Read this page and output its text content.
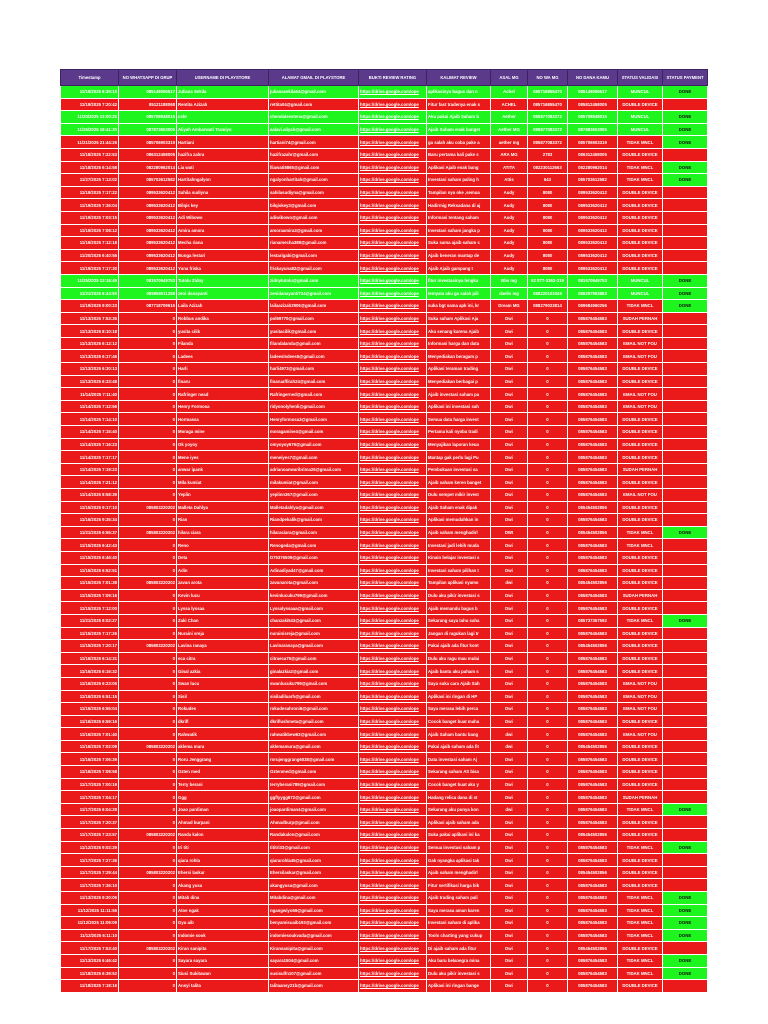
Timestamp	NO WHATSAPP DI GRUP	USERNAME DI PLAYSTORE	ALAMAT GMAIL DI PLAYSTORE	BUKTI REVIEW RATING	KALIMAT REVIEW	ASAL MG	NO WA MG	NO DANA KAMU	STATUS VALIDASI	STATUS PAYMENT
11/19/2025 6:39:15	085149006517	Juliana Sekila	julianasekila64@gmail.com	https://drive.google.com/ope	aplikasinya bagus dan n	Achel	085716855470	085149006517	MUNCUL	DONE
11/19/2025 7:20:42	85121188068	Rentita Azizah	rettita04@gmail.com	https://drive.google.com/ope	Fitur fast tradenya enak s	ACHEL	085716855470	085812458005	DOUBLE DEVICE	
11/20/2025 13:00:25	085708948015	cshr	chendaleextena@gmail.com	https://drive.google.com/ope	Aku pakai Ajaib Saham b	Aether	085877083372	085708948015	MUNCUL	DONE
11/26/2025 19:41:30	087873603005	Aliyah Ambarwati Tramiyo	aalavi.aliyah@gmail.com	https://drive.google.com/ope	Ajaib Saham enak banget	Aether MG	085877083372	087883603005	MUNCUL	DONE
11/21/2025 21:44:26	085706903319	Hartiani	hartiani74@gmail.com	https://drive.google.com/ope	ga salah aku coba pake a	aether mg	085877083372	085706903319	TIDAK MNCL	DONE
11/18/2025 7:22:53	086312458005	hazifra zahra	hazifrazahr@gmail.com	https://drive.google.com/ope	Baru pertama kali pake s	ARA MG	2783	086312458005	DOUBLE DEVICE	
11/18/2025 6:14:58	082280962014	Lia wati	lliawati8865@gmail.com	https://drive.google.com/ope	Aplikasi Ajaib enak bang	ATITA	082230112663	082280962014	TIDAK MNCL	DONE
11/27/2025 7:13:02	085703612582	Hartitahngalyon	ngalyonhartitah@gmail.com	https://drive.google.com/ope	Investasi saham paling h	Attis	643	085703612582	TIDAK MNCL	DONE
11/19/2025 7:17:22	089533620412	Sahila sudiyna	sahilasudiyna@gmail.com	https://drive.google.com/ope	Tampilan nya oke ,semua	Audy	8080	089533620412	DOUBLE DEVICE	
11/19/2025 7:36:04	089533620412	Bilqis key	bilqiskey3@gmail.com	https://drive.google.com/ope	Hadirmig Reksadana di aj	Audy	8080	089533620412	DOUBLE DEVICE	
11/19/2025 7:03:15	089533620412	Adi Wibowo	adiwibowo@gmail.com	https://drive.google.com/ope	Informasi tentang saham	Audy	8080	089533620412	DOUBLE DEVICE	
11/19/2025 7:08:12	089533620412	Amira amora	amoraamira3@gmail.com	https://drive.google.com/ope	Investasi saham jangka p	Audy	8080	089533620412	DOUBLE DEVICE	
11/19/2025 7:12:18	089533620412	Mecha riana	rianamecha388@gmail.com	https://drive.google.com/ope	Suka sama ajaib saham c	Audy	8080	089533620412	DOUBLE DEVICE	
11/20/2025 6:40:55	089533620412	Bunga lestari	lestarigabi@gmail.com	https://drive.google.com/ope	Ajaib beneran mantap de	Audy	8080	089533620412	DOUBLE DEVICE	
11/19/2025 7:17:30	089533620412	Yuna friska	friskayuna82@gmail.com	https://drive.google.com/ope	Ajaib Ajaib gampang t	Audy	8080	089533620412	DOUBLE DEVICE	
11/25/2025 13:16:49	081570949753	Tutolu Zidny	zidnytutolu@gmail.com	https://drive.google.com/ope	fitur investasinya lengka	Bbs mg	62 877-3363-319	081570949753	MUNCUL	DONE
11/21/2025 6:43:50	085959011258	zeni danayanti	zenidanayanti734@gmail.com	https://drive.google.com/ope	temyata aku ga salah pili	daelis mg	088220103345	088297993883	MUNCUL	DONE
11/19/2025 9:00:23	087718709616	Laila Azizah	lailaazizah2906@gmail.com	https://drive.google.com/ope	suka bgt sama apk ini, kr	Dream MG	088279023814	089684960256	TIDAK MNCL	DONE
11/13/2025 7:53:35	0	Robbus andika	pol69770@gmail.com	https://drive.google.com/ope	Suka saham Aplikasi Aja	Dwi	0	085876454583	SUDAH PERNAH	
11/13/2025 8:10:18	0	yusita cilik	yusitacilik@gmail.com	https://drive.google.com/ope	Aku senang karena Ajaib	Dwi	0	085876454583	DOUBLE DEVICE	
11/13/2025 6:12:12	0	Filanda	filandalanda@gmail.com	https://drive.google.com/ope	Informasi harga dan data	Dwi	0	085876454583	EMAIL NOT FOU	
11/13/2025 6:17:46	0	Ladees	ladeeslsdees5@gmail.com	https://drive.google.com/ope	Menyediakan beragam p	Dwi	0	085876454583	EMAIL NOT FOU	
11/13/2025 6:30:13	0	Harli	harli4973@gmail.com	https://drive.google.com/ope	Aplikasi teraman trading	Dwi	0	085876454583	DOUBLE DEVICE	
11/13/2025 6:33:48	0	finaru	finaruaffirah24@gmail.com	https://drive.google.com/ope	Menyediakan berbagai p	Dwi	0	085876454583	DOUBLE DEVICE	
11/14/2025 7:11:40	0	Rafringer nead	Rafringerned@gmail.com	https://drive.google.com/ope	Ajaib investasi saham pa	Dwi	0	085876454583	EMAIL NOT FOU	
11/14/2025 7:12:56	0	Henry Formosa	ridyonolyhenli@gmail.com	https://drive.google.com/ope	Aplikasi ini investasi sah	Dwi	0	085876454583	EMAIL NOT FOU	
11/14/2025 7:14:10	0	Hormassa	Henryformosa3@gmail.com	https://drive.google.com/ope	Semua data harga invest	Dwi	0	085876454583	DOUBLE DEVICE	
11/14/2025 7:15:40	0	Moraga mine	moragamine4@gmail.com	https://drive.google.com/ope	Pertama kali nyoba tradi	Dwi	0	085876454583	DOUBLE DEVICE	
11/14/2025 7:16:23	0	Ok yoyoy	omyoyoy676@gmail.com	https://drive.google.com/ope	Menyajikan laporan keua	Dwi	0	085876454583	DOUBLE DEVICE	
11/14/2025 7:17:17	0	Mene iyes	meneiyes7@gmail.com	https://drive.google.com/ope	Mantap gak perlu lagi Pu	Dwi	0	085876454583	DOUBLE DEVICE	
11/14/2025 7:19:23	0	anwar ipank	adrianoanwaribrima26@gmail.com	https://drive.google.com/ope	Pembukaan investasi sa	Dwi	0	085876454583	SUDAH PERNAH	
11/14/2025 7:21:12	0	Mila kumiat	milakumiat@gmail.com	https://drive.google.com/ope	Ajaib saham keren banget	Dwi	0	085876454583	DOUBLE DEVICE	
11/14/2025 8:58:39	0	Yeplin	yeplinn367@gmail.com	https://drive.google.com/ope	Dulu sempet mikir invest	Dwi	0	085876454583	EMAIL NOT FOU	
11/15/2025 9:17:10	085803220202	Malleta Dahlya	Malletadahlya@gmail.com	https://drive.google.com/ope	Ajaib Saham enak dipak	Dwi	0	085454502856	DOUBLE DEVICE	
11/16/2025 9:35:34	0	Rian	Riandpekalik@gmail.com	https://drive.google.com/ope	Aplikasi memudahkan in	Dwi	0	085876454583	DOUBLE DEVICE	
11/21/2025 6:55:37	085803220202	hilara ciara	hilaraciara@gmail.com	https://drive.google.com/ope	Ajaib saham menghadirl	DWI	0	085454502856	TIDAK MNCL	DONE
11/15/2025 6:42:43	0	Reno	Renogeda@gmail.com	https://drive.google.com/ope	Investasi jadi lebih muda	Dwi	0	085876454583	TIDAK MNCL	
11/15/2025 6:46:40	0	Deta	D75376509@gmail.com	https://drive.google.com/ope	Kinain belajar investasi s	Dwi	0	085876454583	DOUBLE DEVICE	
11/15/2025 6:52:51	0	Adin	Adinadiyad47@gmail.com	https://drive.google.com/ope	Investasi saham pilihan t	Dwi	0	085876454583	DOUBLE DEVICE	
11/15/2025 7:01:38	085803220202	zavan arota	zavanarota@gmail.com	https://drive.google.com/ope	Tampilan aplikasi nyamo	dwi	0	085454502856	DOUBLE DEVICE	
11/15/2025 7:09:16	0	Kevin lucu	kevinlucuku799@gmail.com	https://drive.google.com/ope	Dulu aku pikir investasi s	Dwi	0	085876454583	SUDAH PERNAH	
11/15/2025 7:12:00	0	Lyssa lyssaa	Lyssalyssaaa@gmail.com	https://drive.google.com/ope	Ajaib memandu bagus b	Dwi	0	085876454583	DOUBLE DEVICE	
11/21/2025 8:02:27	0	Zaki Chan	chanzaki543@gmail.com	https://drive.google.com/ope	Sekarang saya tahu saha	Dwi	0	085737367592	TIDAK MNCL	DONE
11/15/2025 7:17:26	0	Nuraini sreja	nurainisreja@gmail.com	https://drive.google.com/ope	Jangan di ragukan lagi tr	Dwi	0	085876454583	DOUBLE DEVICE	
11/15/2025 7:20:17	085803220202	Lavina ranaya	Lavinaranaya@gmail.com	https://drive.google.com/ope	Pakai ajaib ada fitur kont	Dwi	0	085454502856	DOUBLE DEVICE	
11/16/2025 6:14:31	0	eca citra	citraeca75@gmail.com	https://drive.google.com/ope	Dulu aku ragu mau mulai	Dwi	0	085876454583	DOUBLE DEVICE	
11/16/2025 6:16:32	0	Ginal azkia	ginalazkia2@gmail.com	https://drive.google.com/ope	Ajaib bantu aku paham s	Dwi	0	085876454583	DOUBLE DEVICE	
11/16/2025 6:23:05	0	Swan lucu	swanlucuku799@gmail.com	https://drive.google.com/ope	Saya suka cara Ajaib Sah	Dwi	0	085876454583	EMAIL NOT FOU	
11/16/2025 6:51:15	0	Sisil	sisiladiluarh@gmail.com	https://drive.google.com/ope	Aplikasi ini ringan di HP	Dwi	0	085876454583	EMAIL NOT FOU	
11/16/2025 6:55:04	0	Rokudes	rokudesahroni6@gmail.com	https://drive.google.com/ope	Saya merasa lebih perca	Dwi	0	085876454583	EMAIL NOT FOU	
11/16/2025 6:59:16	0	dkrifl	dkriflushmeta@gmail.com	https://drive.google.com/ope	Cocok banget buat maha	Dwi	0	085876454583	DOUBLE DEVICE	
11/16/2025 7:01:40	0	Rahwatik	rahwatikbew63@gmail.com	https://drive.google.com/ope	Ajaib Saham bantu bang	dwi	0	085876454583	EMAIL NOT FOU	
11/16/2025 7:02:09	085803220202	aklema mura	aklemamura@gmail.com	https://drive.google.com/ope	Pakai ajaib saham ada fit	dwi	0	085454502856	DOUBLE DEVICE	
11/16/2025 7:06:39	0	Roru Jenggrang	rorujenggrang6038@gmail.com	https://drive.google.com/ope	Data investasi saham Aj	Dwi	0	085876454583	DOUBLE DEVICE	
11/16/2025 7:08:58	0	Ozten med	Oztenmed@gmail.com	https://drive.google.com/ope	Sekarang saham AS bisa	Dwi	0	085876454583	DOUBLE DEVICE	
11/17/2025 7:00:19	0	Terry berani	terryberani789@gmail.com	https://drive.google.com/ope	Cocok banget buat aku y	Dwi	0	085876454583	DOUBLE DEVICE	
11/17/2025 7:04:17	0	Ggg	ggflyygg672@gmail.com	https://drive.google.com/ope	Hadang relica dana di st	Dwi	0	085876454583	SUDAH PERNAH	
11/17/2025 6:04:28	0	Joao pardiman	joaopardiman4@gmail.com	https://drive.google.com/ope	Sekarang aku punya kon	dwi	0	085876454583	TIDAK MNCL	DONE
11/17/2025 7:20:37	0	Ahmad burpani	Ahmadburp@gmail.com	https://drive.google.com/ope	Aplikasi ajaib saham ada	Dwi	0	085876454583	DOUBLE DEVICE	
11/17/2025 7:23:57	085803220202	Randa kalon	Randakalon@gmail.com	https://drive.google.com/ope	Suka pakai aplikasi ini ka	Dwi	0	085454502856	DOUBLE DEVICE	
11/12/2025 9:02:29	0	tri titi	tititri33@gmail.com	https://drive.google.com/ope	Semua investasi saham p	Dwi	0	085876454583	TIDAK MNCL	DONE
11/17/2025 7:27:36	0	qiara rohla	qiararohla45@gmail.com	https://drive.google.com/ope	Gak nyangka aplikasi tak	Dwi	0	085876454583	DOUBLE DEVICE	
11/17/2025 7:29:44	085803220202	Ehersi laskar	Ehersilaskar@gmail.com	https://drive.google.com/ope	Ajaib saham menghadirl	Dwi	0	085454502856	DOUBLE DEVICE	
11/17/2025 7:36:10	0	Akang yusa	akangyusa@gmail.com	https://drive.google.com/ope	Fitur sertifikasi harga bik	Dwi	0	085876454583	DOUBLE DEVICE	
11/13/2025 9:30:06	0	Mitab dina	Mitabdina@gmail.com	https://drive.google.com/ope	Ajaib trading saham pali	Dwi	0	085876454583	TIDAK MNCL	DONE
11/12/2025 11:11:55	0	Atoe ngak	ngangwiyo59@gmail.com	https://drive.google.com/ope	Saya merasa aman karen	Dwi	0	085876454583	TIDAK MNCL	DONE
11/12/2025 11:09:09	0	Gyu aib	benyamisuaib193@gmail.com	https://drive.google.com/ope	Investasi saham di aplika	Dwi	0	085876454583	TIDAK MNCL	DONE
11/12/2025 6:11:10	0	Indomie sook	indomiesoukvada@gmail.com	https://drive.google.com/ope	Tools charting yang cukup	Dwi	0	085876454583	TIDAK MNCL	DONE
11/17/2025 7:53:40	085803220202	Kiran sanipita	Kiransanipita@gmail.com	https://drive.google.com/ope	Di ajaib saham ada fitur	Dwi	0	085454502856	DOUBLE DEVICE	
11/13/2025 6:46:42	0	Sayara sayara	sayara1504@gmail.com	https://drive.google.com/ope	Aku baru belanegra mina	Dwi	0	085876454583	TIDAK MNCL	DONE
11/18/2025 6:39:52	0	Siusi Sukitawan	susisulfn107@gmail.com	https://drive.google.com/ope	Dulu aku pikir investasi s	Dwi	0	085876454583	TIDAK MNCL	DONE
11/18/2025 7:18:16	0	Ansyi talita	talitaansy21b@gmail.com	https://drive.google.com/ope	Aplikasi ini ringan bange	Dwi	0	085876454583	DOUBLE DEVICE	
